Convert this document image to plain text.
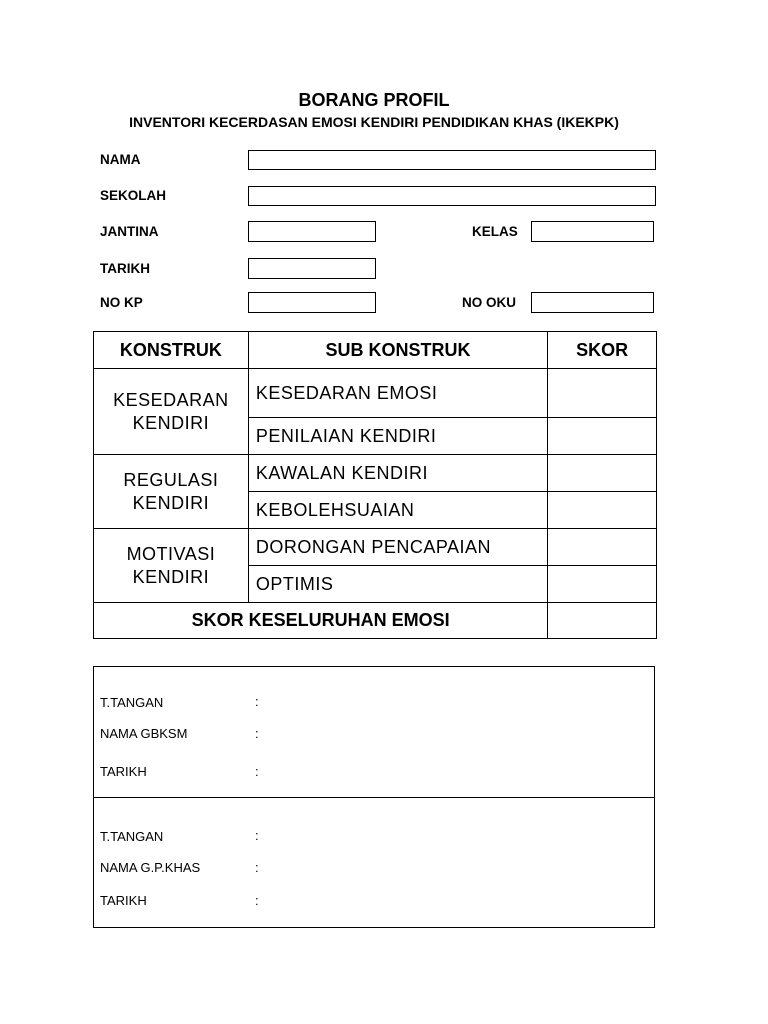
BORANG PROFIL
INVENTORI KECERDASAN EMOSI KENDIRI PENDIDIKAN KHAS (IKEKPK)
NAMA
SEKOLAH
JANTINA	KELAS
TARIKH
NO KP	NO OKU
KONSTRUK	SUB KONSTRUK	SKOR

KESEDARAN
KENDIRI	KESEDARAN EMOSI	
	PENILAIAN KENDIRI	

REGULASI
KENDIRI	KAWALAN KENDIRI	
	KEBOLEHSUAIAN	

MOTIVASI
KENDIRI	DORONGAN PENCAPAIAN	
	OPTIMIS	
SKOR KESELURUHAN EMOSI		
T.TANGAN	:
NAMA GBKSM	:
TARIKH	:
T.TANGAN	:
NAMA G.P.KHAS	:
TARIKH	:
